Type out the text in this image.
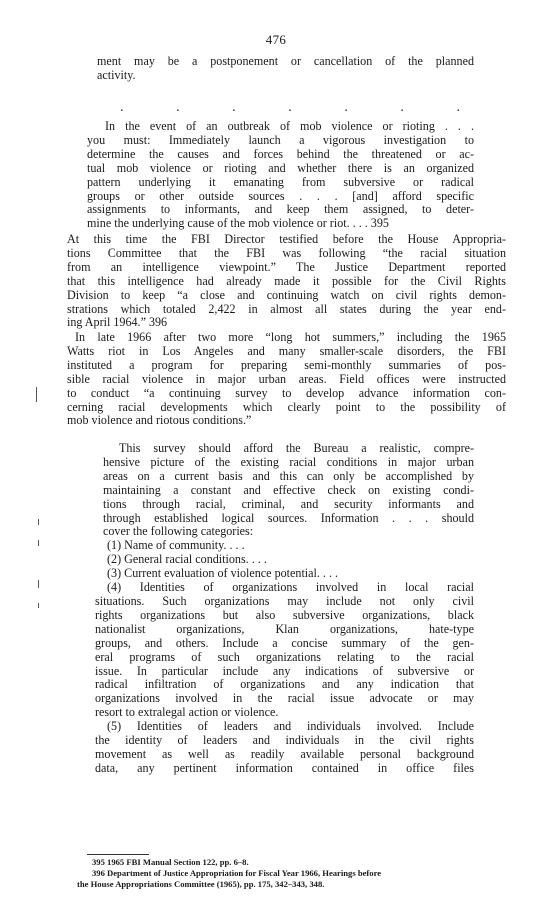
476
ment may be a postponement or cancellation of the planned
activity.
.	.	.	.	.	.	.
In the event of an outbreak of mob violence or rioting . . .
you must: Immediately launch a vigorous investigation to
determine the causes and forces behind the threatened or ac-
tual mob violence or rioting and whether there is an organized
pattern underlying it emanating from subversive or radical
groups or other outside sources . . . [and] afford specific
assignments to informants, and keep them assigned, to deter-
mine the underlying cause of the mob violence or riot. . . . 395
At this time the FBI Director testified before the House Appropria-
tions Committee that the FBI was following “the racial situation
from an intelligence viewpoint.” The Justice Department reported
that this intelligence had already made it possible for the Civil Rights
Division to keep “a close and continuing watch on civil rights demon-
strations which totaled 2,422 in almost all states during the year end-
ing April 1964.” 396
In late 1966 after two more “long hot summers,” including the 1965
Watts riot in Los Angeles and many smaller-scale disorders, the FBI
instituted a program for preparing semi-monthly summaries of pos-
sible racial violence in major urban areas. Field offices were instructed
to conduct “a continuing survey to develop advance information con-
cerning racial developments which clearly point to the possibility of
mob violence and riotous conditions.”
This survey should afford the Bureau a realistic, compre-
hensive picture of the existing racial conditions in major urban
areas on a current basis and this can only be accomplished by
maintaining a constant and effective check on existing condi-
tions through racial, criminal, and security informants and
through established logical sources. Information . . . should
cover the following categories:
(1) Name of community. . . .
(2) General racial conditions. . . .
(3) Current evaluation of violence potential. . . .
(4) Identities of organizations involved in local racial
situations. Such organizations may include not only civil
rights organizations but also subversive organizations, black
nationalist organizations, Klan organizations, hate-type
groups, and others. Include a concise summary of the gen-
eral programs of such organizations relating to the racial
issue. In particular include any indications of subversive or
radical infiltration of organizations and any indication that
organizations involved in the racial issue advocate or may
resort to extralegal action or violence.
(5) Identities of leaders and individuals involved. Include
the identity of leaders and individuals in the civil rights
movement as well as readily available personal background
data, any pertinent information contained in office files
395 1965 FBI Manual Section 122, pp. 6–8.
396 Department of Justice Appropriation for Fiscal Year 1966, Hearings before
the House Appropriations Committee (1965), pp. 175, 342–343, 348.
